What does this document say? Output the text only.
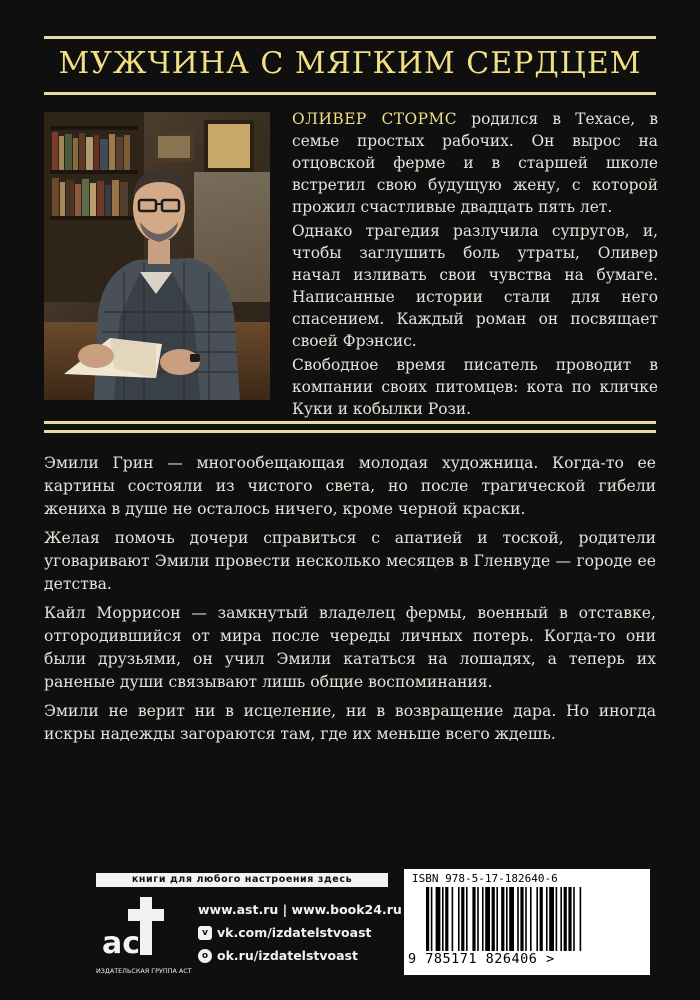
МУЖЧИНА С МЯГКИМ СЕРДЦЕМ

ОЛИВЕР СТОРМС родился в Техасе, в семье простых рабочих. Он вырос на отцовской ферме и в старшей школе встретил свою будущую жену, с которой прожил счастливые двадцать пять лет.

Однако трагедия разлучила супругов, и, чтобы заглушить боль утраты, Оливер начал изливать свои чувства на бумаге. Написанные истории стали для него спасением. Каждый роман он посвящает своей Фрэнсис.

Свободное время писатель проводит в компании своих питомцев: кота по кличке Куки и кобылки Рози.

Эмили Грин — многообещающая молодая художница. Когда-то ее картины состояли из чистого света, но после трагической гибели жениха в душе не осталось ничего, кроме черной краски.

Желая помочь дочери справиться с апатией и тоской, родители уговаривают Эмили провести несколько месяцев в Гленвуде — городе ее детства.

Кайл Моррисон — замкнутый владелец фермы, военный в отставке, отгородившийся от мира после череды личных потерь. Когда-то они были друзьями, он учил Эмили кататься на лошадях, а теперь их раненые души связывают лишь общие воспоминания.

Эмили не верит ни в исцеление, ни в возвращение дара. Но иногда искры надежды загораются там, где их меньше всего ждешь.

книги для любого настроения здесь
ac
ИЗДАТЕЛЬСКАЯ ГРУППА АСТ
www.ast.ru | www.book24.ru
v vk.com/izdatelstvoast
o ok.ru/izdatelstvoast
ISBN 978-5-17-182640-6
9 785171 826406 >
